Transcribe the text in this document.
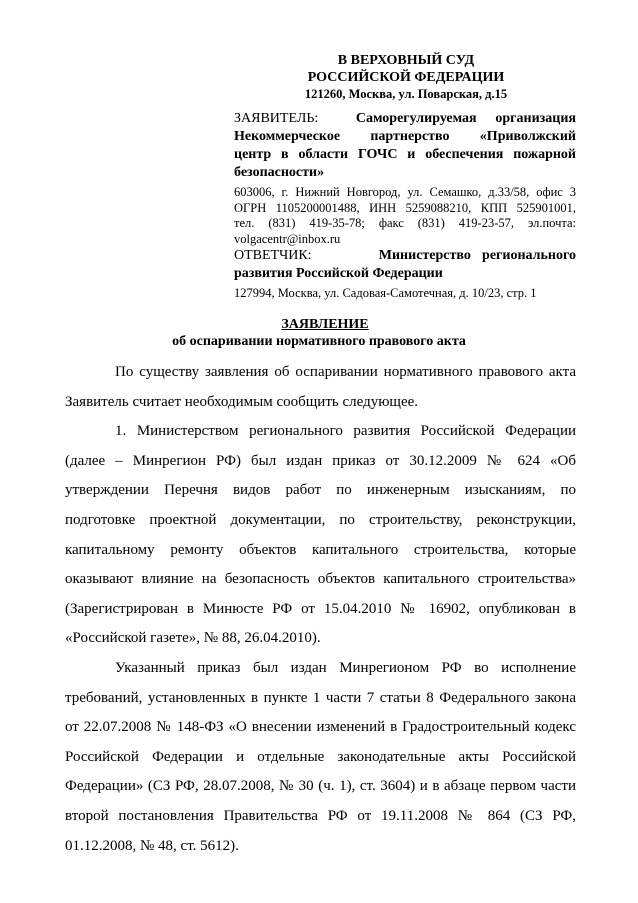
В ВЕРХОВНЫЙ СУД
РОССИЙСКОЙ ФЕДЕРАЦИИ
121260, Москва, ул. Поварская, д.15
ЗАЯВИТЕЛЬ:	Саморегулируемая организация
Некоммерческое партнерство «Приволжский
центр в области ГОЧС и обеспечения пожарной
безопасности»
603006, г. Нижний Новгород, ул. Семашко, д.33/58, офис 3
ОГРН 1105200001488, ИНН 5259088210, КПП 525901001,
тел. (831) 419-35-78; факс (831) 419-23-57, эл.почта:
volgacentr@inbox.ru
ОТВЕТЧИК:	Министерство регионального
развития Российской Федерации
127994, Москва, ул. Садовая-Самотечная, д. 10/23, стр. 1
ЗАЯВЛЕНИЕ
об оспаривании нормативного правового акта
По существу заявления об оспаривании нормативного правового акта
Заявитель считает необходимым сообщить следующее.
1. Министерством регионального развития Российской Федерации
(далее – Минрегион РФ) был издан приказ от 30.12.2009 № 624 «Об
утверждении Перечня видов работ по инженерным изысканиям, по
подготовке проектной документации, по строительству, реконструкции,
капитальному ремонту объектов капитального строительства, которые
оказывают влияние на безопасность объектов капитального строительства»
(Зарегистрирован в Минюсте РФ от 15.04.2010 № 16902, опубликован в
«Российской газете», № 88, 26.04.2010).
Указанный приказ был издан Минрегионом РФ во исполнение
требований, установленных в пункте 1 части 7 статьи 8 Федерального закона
от 22.07.2008 № 148-ФЗ «О внесении изменений в Градостроительный кодекс
Российской Федерации и отдельные законодательные акты Российской
Федерации» (СЗ РФ, 28.07.2008, № 30 (ч. 1), ст. 3604) и в абзаце первом части
второй постановления Правительства РФ от 19.11.2008 № 864 (СЗ РФ,
01.12.2008, № 48, ст. 5612).
